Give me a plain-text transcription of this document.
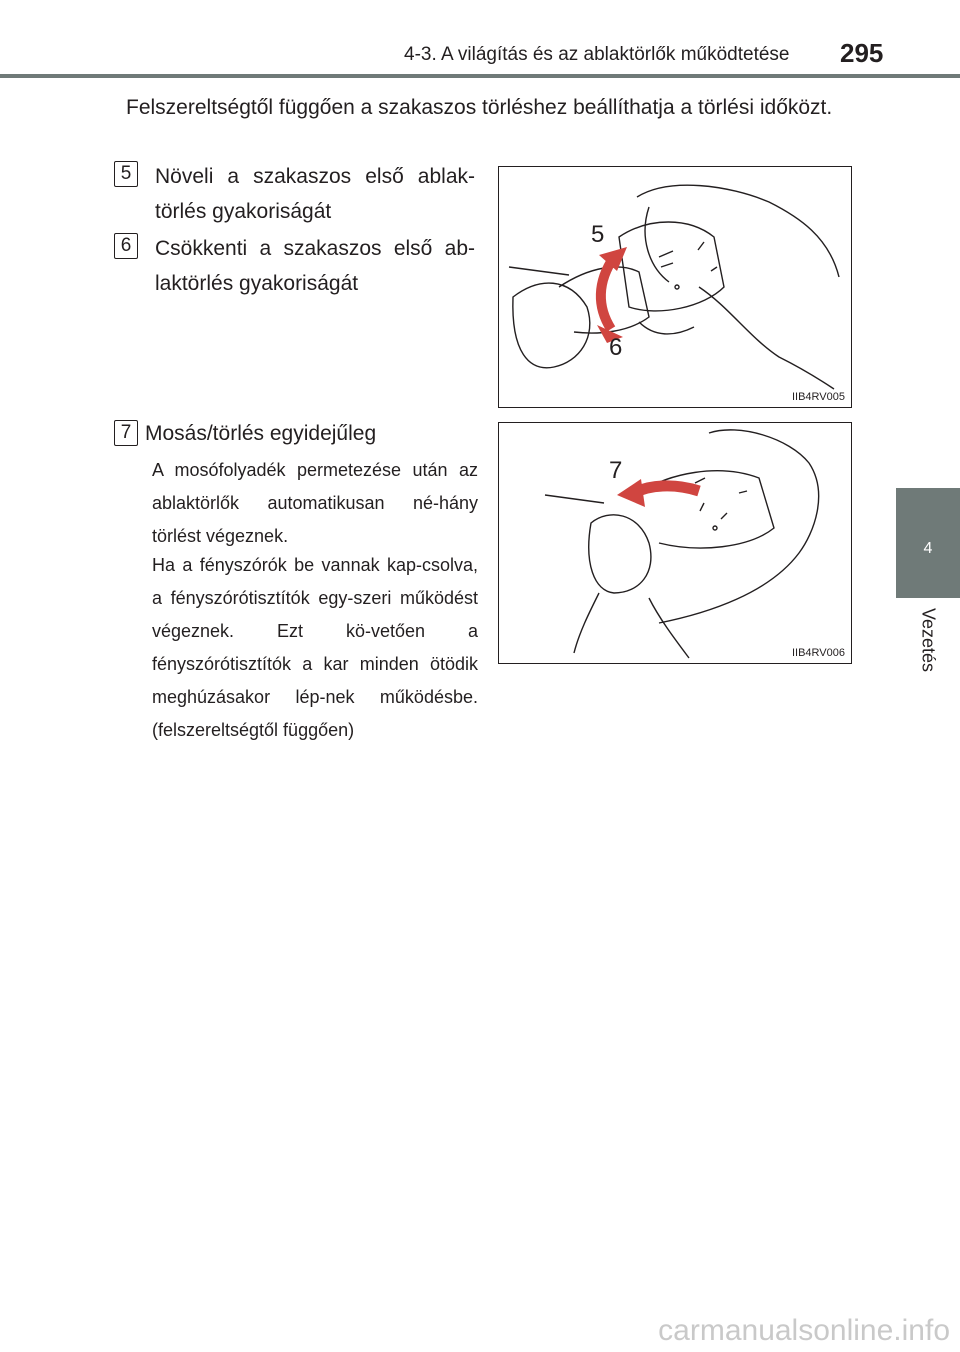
4-3. A világítás és az ablaktörlők működtetése 295
4
Vezetés
Felszereltségtől függően a szakaszos törléshez beállíthatja a törlési időközt.
5	Növeli a szakaszos első ablak-törlés gyakoriságát
6	Csökkenti a szakaszos első ab-laktörlés gyakoriságát
7 Mosás/törlés egyidejűleg
A mosófolyadék permetezése után az ablaktörlők automatikusan né-hány törlést végeznek.
Ha a fényszórók be vannak kap-csolva, a fényszórótisztítók egy-szeri működést végeznek. Ezt kö-vetően a fényszórótisztítók a kar minden ötödik meghúzásakor lép-nek működésbe. (felszereltségtől függően)
5
6
IIB4RV005
7
IIB4RV006
carmanualsonline.info
